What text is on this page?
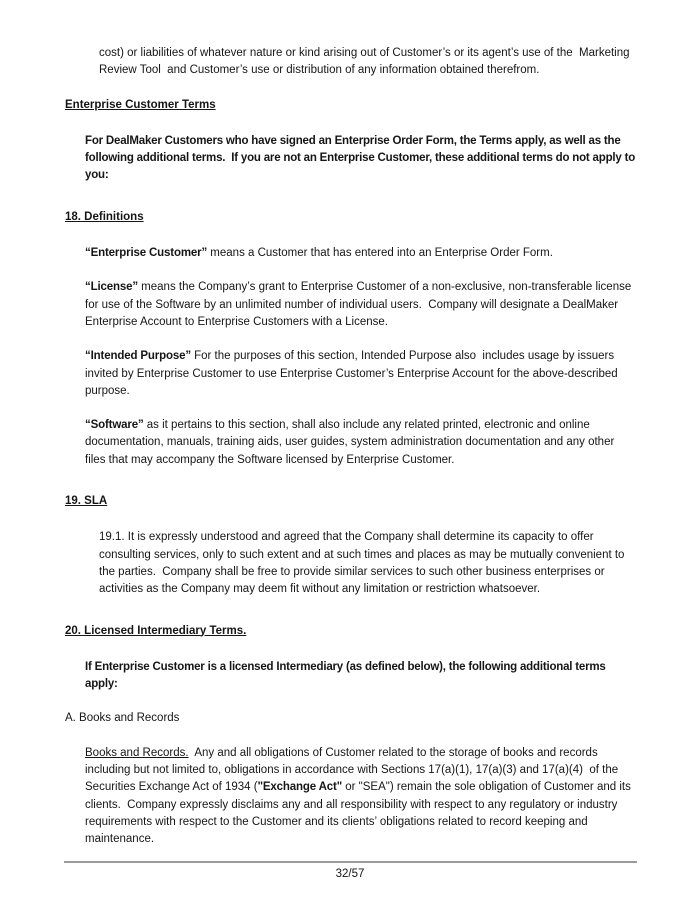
cost) or liabilities of whatever nature or kind arising out of Customer’s or its agent’s use of the  Marketing Review Tool  and Customer’s use or distribution of any information obtained therefrom.

Enterprise Customer Terms

For DealMaker Customers who have signed an Enterprise Order Form, the Terms apply, as well as the following additional terms.  If you are not an Enterprise Customer, these additional terms do not apply to you:

18. Definitions

“Enterprise Customer” means a Customer that has entered into an Enterprise Order Form.

“License” means the Company’s grant to Enterprise Customer of a non-exclusive, non-transferable license for use of the Software by an unlimited number of individual users.  Company will designate a DealMaker Enterprise Account to Enterprise Customers with a License.

“Intended Purpose” For the purposes of this section, Intended Purpose also  includes usage by issuers invited by Enterprise Customer to use Enterprise Customer’s Enterprise Account for the above-described purpose.

“Software” as it pertains to this section, shall also include any related printed, electronic and online documentation, manuals, training aids, user guides, system administration documentation and any other files that may accompany the Software licensed by Enterprise Customer.

19. SLA

19.1. It is expressly understood and agreed that the Company shall determine its capacity to offer consulting services, only to such extent and at such times and places as may be mutually convenient to the parties.  Company shall be free to provide similar services to such other business enterprises or activities as the Company may deem fit without any limitation or restriction whatsoever.

20. Licensed Intermediary Terms.

If Enterprise Customer is a licensed Intermediary (as defined below), the following additional terms apply:

A. Books and Records

Books and Records.  Any and all obligations of Customer related to the storage of books and records including but not limited to, obligations in accordance with Sections 17(a)(1), 17(a)(3) and 17(a)(4)  of the Securities Exchange Act of 1934 ("Exchange Act" or "SEA") remain the sole obligation of Customer and its clients.  Company expressly disclaims any and all responsibility with respect to any regulatory or industry requirements with respect to the Customer and its clients’ obligations related to record keeping and maintenance.

32/57
